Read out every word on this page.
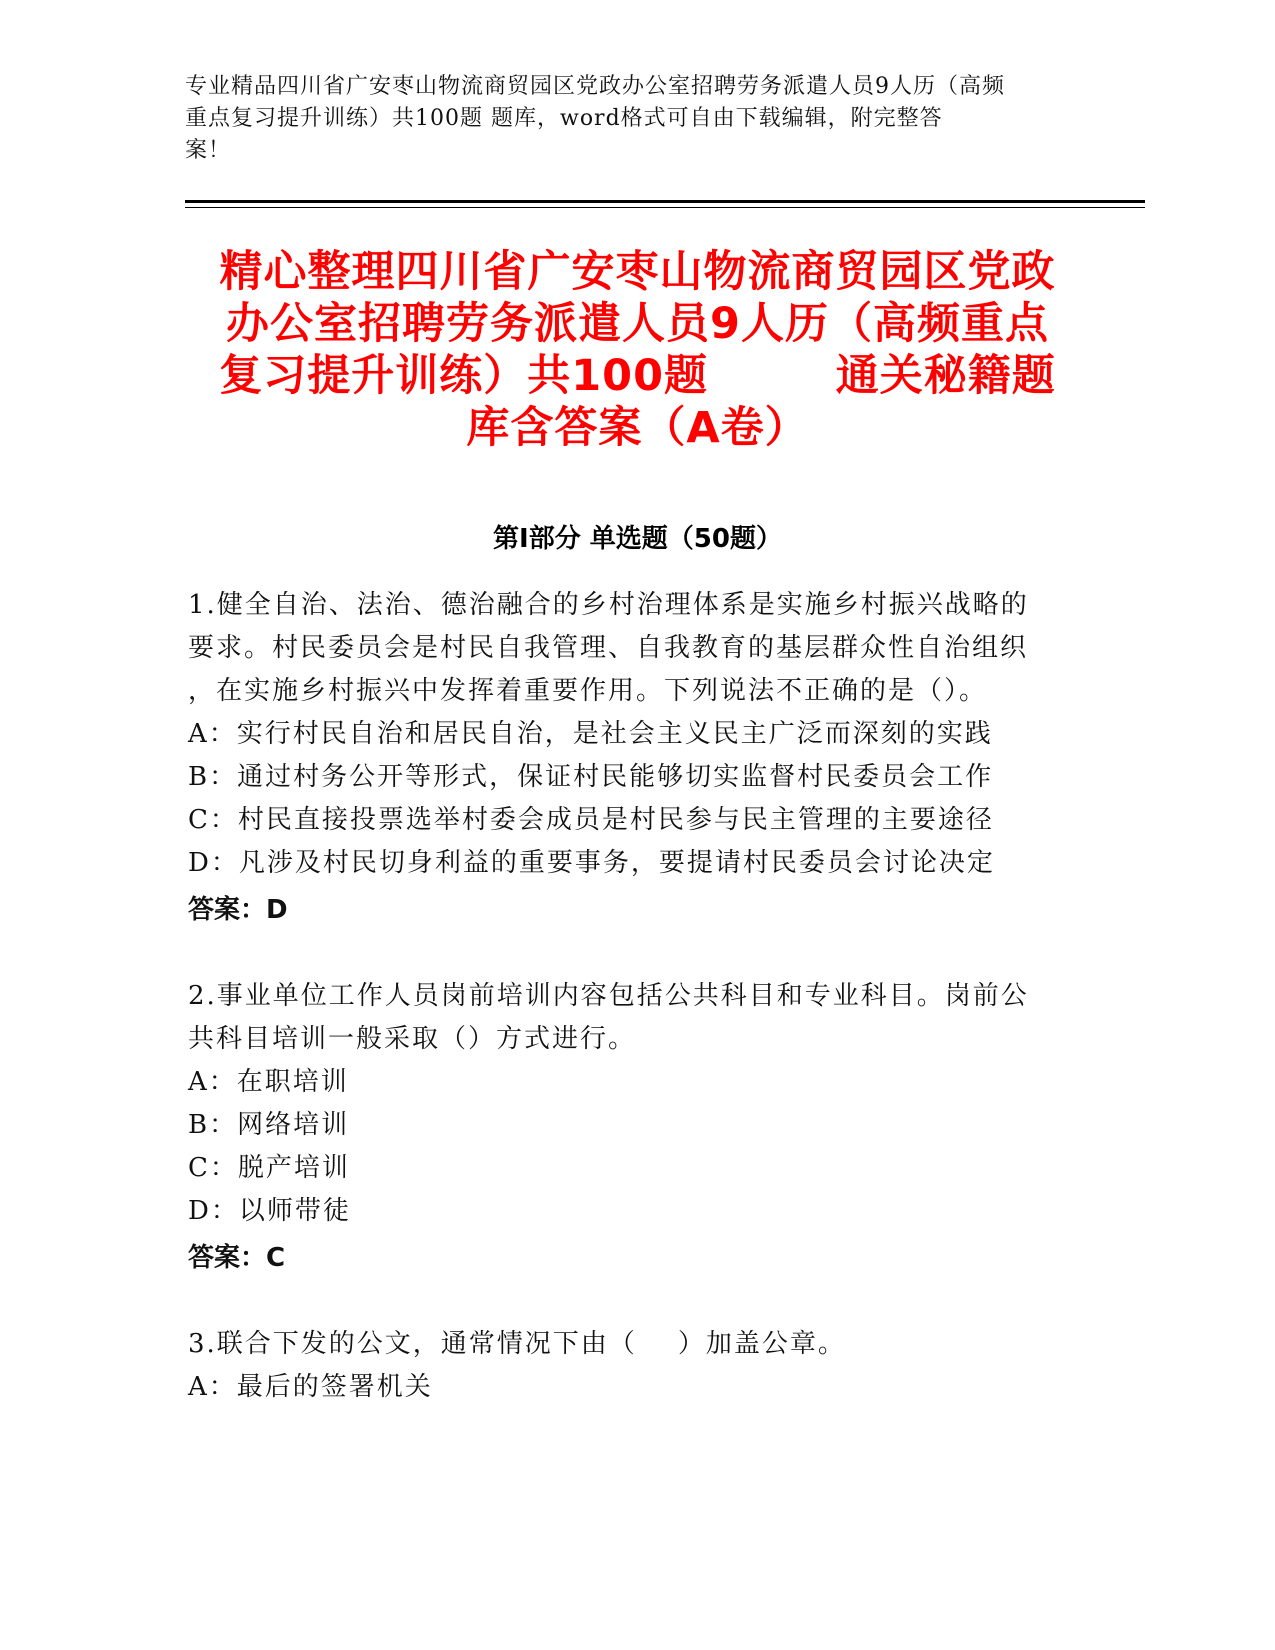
专业精品四川省广安枣山物流商贸园区党政办公室招聘劳务派遣人员9人历（高频
重点复习提升训练）共100题 题库，word格式可自由下载编辑，附完整答
案！
精心整理四川省广安枣山物流商贸园区党政
办公室招聘劳务派遣人员9人历（高频重点
复习提升训练）共100题        通关秘籍题
库含答案（A卷）
第Ⅰ部分 单选题（50题）
1.健全自治、法治、德治融合的乡村治理体系是实施乡村振兴战略的
要求。村民委员会是村民自我管理、自我教育的基层群众性自治组织
，在实施乡村振兴中发挥着重要作用。下列说法不正确的是（）。
A：实行村民自治和居民自治，是社会主义民主广泛而深刻的实践
B：通过村务公开等形式，保证村民能够切实监督村民委员会工作
C：村民直接投票选举村委会成员是村民参与民主管理的主要途径
D：凡涉及村民切身利益的重要事务，要提请村民委员会讨论决定
答案：D
2.事业单位工作人员岗前培训内容包括公共科目和专业科目。岗前公
共科目培训一般采取（）方式进行。
A：在职培训
B：网络培训
C：脱产培训
D：以师带徒
答案：C
3.联合下发的公文，通常情况下由（    ）加盖公章。
A：最后的签署机关
